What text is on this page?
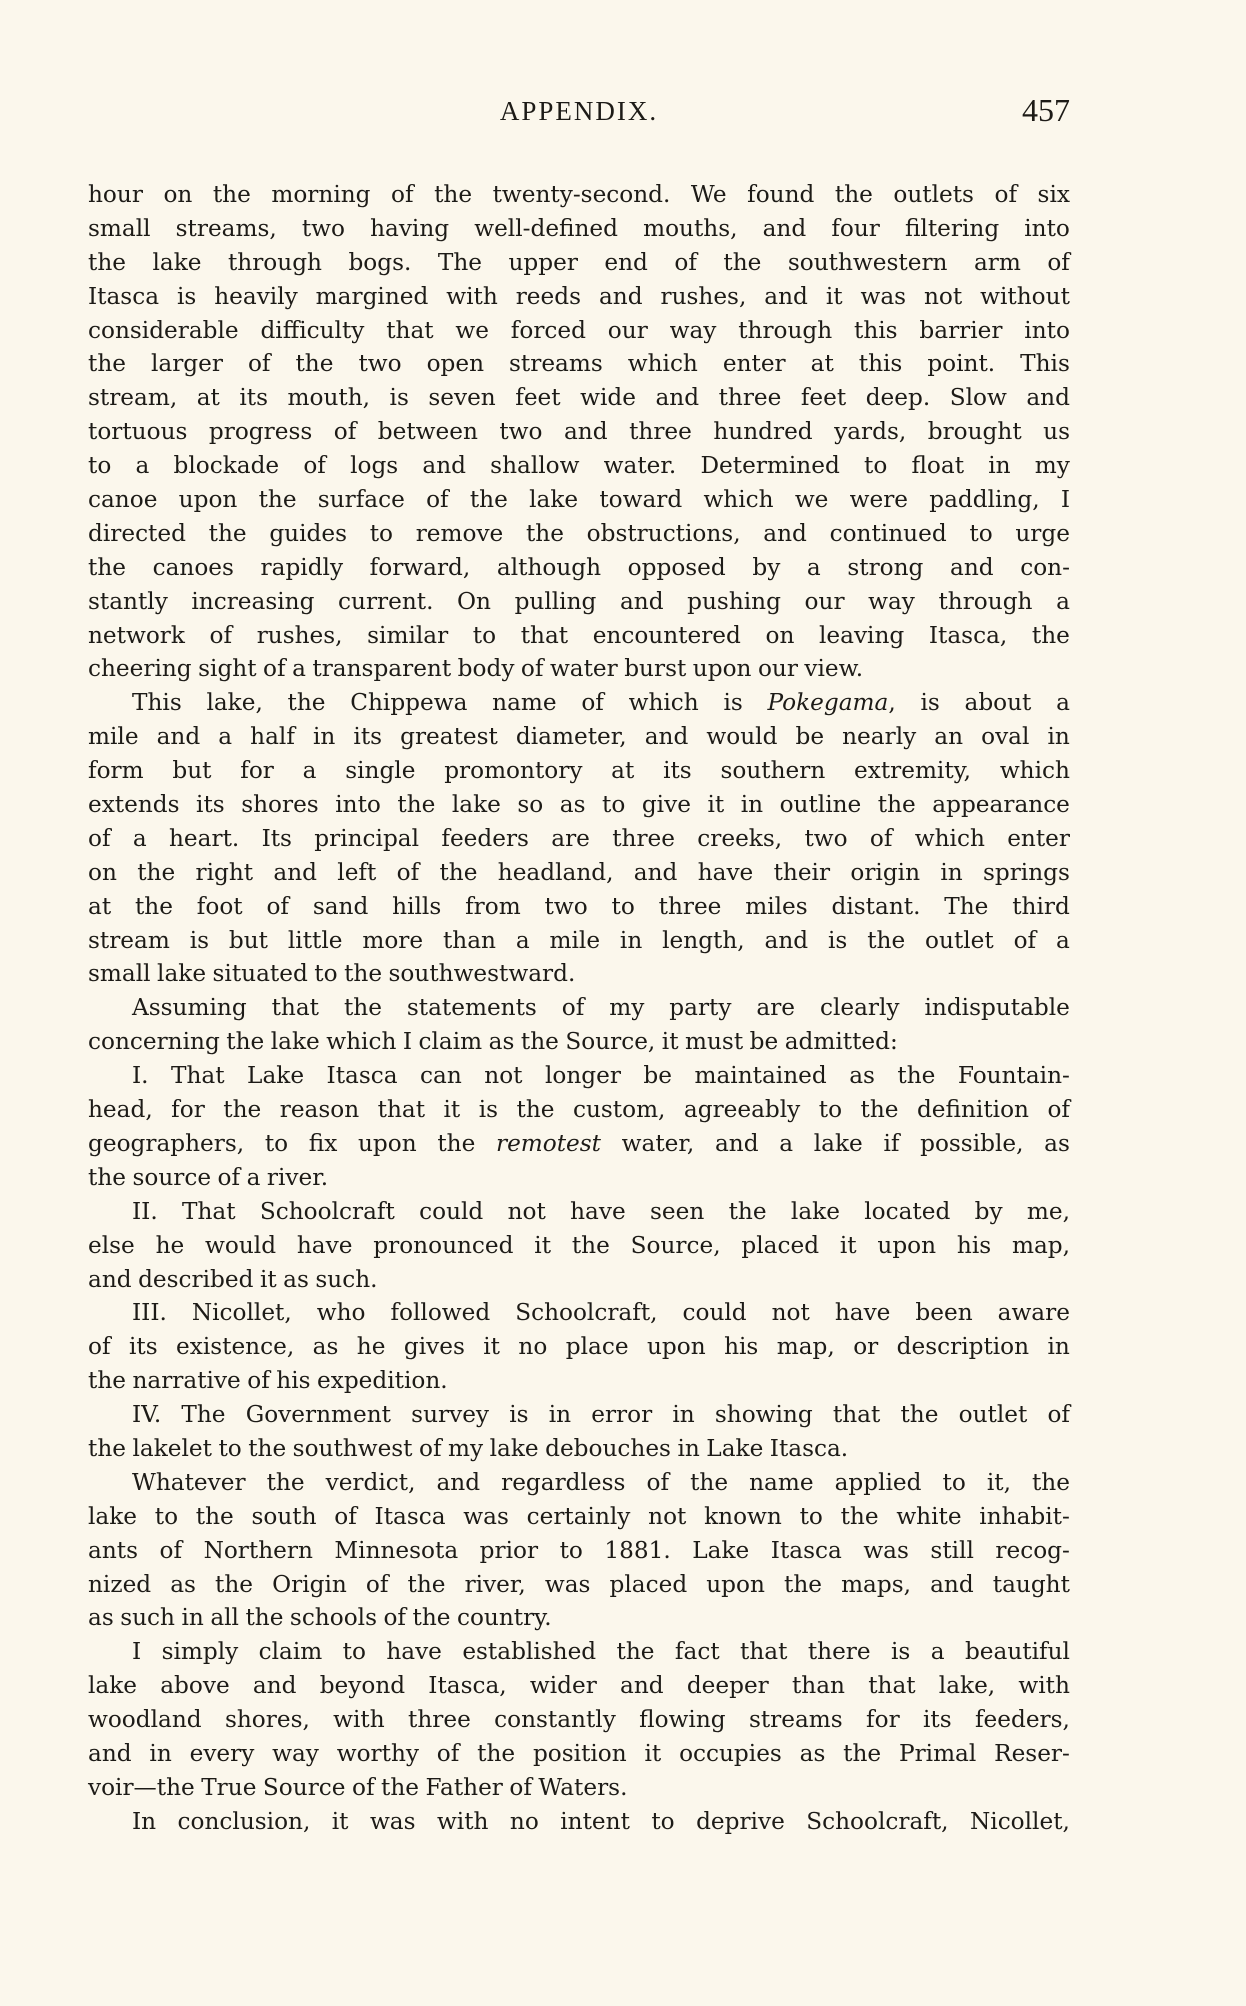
APPENDIX.	457
hour on the morning of the twenty-second. We found the outlets of six
small streams, two having well-defined mouths, and four filtering into
the lake through bogs. The upper end of the southwestern arm of
Itasca is heavily margined with reeds and rushes, and it was not without
considerable difficulty that we forced our way through this barrier into
the larger of the two open streams which enter at this point. This
stream, at its mouth, is seven feet wide and three feet deep. Slow and
tortuous progress of between two and three hundred yards, brought us
to a blockade of logs and shallow water. Determined to float in my
canoe upon the surface of the lake toward which we were paddling, I
directed the guides to remove the obstructions, and continued to urge
the canoes rapidly forward, although opposed by a strong and con-
stantly increasing current. On pulling and pushing our way through a
network of rushes, similar to that encountered on leaving Itasca, the
cheering sight of a transparent body of water burst upon our view.
This lake, the Chippewa name of which is Pokegama, is about a
mile and a half in its greatest diameter, and would be nearly an oval in
form but for a single promontory at its southern extremity, which
extends its shores into the lake so as to give it in outline the appearance
of a heart. Its principal feeders are three creeks, two of which enter
on the right and left of the headland, and have their origin in springs
at the foot of sand hills from two to three miles distant. The third
stream is but little more than a mile in length, and is the outlet of a
small lake situated to the southwestward.
Assuming that the statements of my party are clearly indisputable
concerning the lake which I claim as the Source, it must be admitted:
I. That Lake Itasca can not longer be maintained as the Fountain-
head, for the reason that it is the custom, agreeably to the definition of
geographers, to fix upon the remotest water, and a lake if possible, as
the source of a river.
II. That Schoolcraft could not have seen the lake located by me,
else he would have pronounced it the Source, placed it upon his map,
and described it as such.
III. Nicollet, who followed Schoolcraft, could not have been aware
of its existence, as he gives it no place upon his map, or description in
the narrative of his expedition.
IV. The Government survey is in error in showing that the outlet of
the lakelet to the southwest of my lake debouches in Lake Itasca.
Whatever the verdict, and regardless of the name applied to it, the
lake to the south of Itasca was certainly not known to the white inhabit-
ants of Northern Minnesota prior to 1881. Lake Itasca was still recog-
nized as the Origin of the river, was placed upon the maps, and taught
as such in all the schools of the country.
I simply claim to have established the fact that there is a beautiful
lake above and beyond Itasca, wider and deeper than that lake, with
woodland shores, with three constantly flowing streams for its feeders,
and in every way worthy of the position it occupies as the Primal Reser-
voir—the True Source of the Father of Waters.
In conclusion, it was with no intent to deprive Schoolcraft, Nicollet,
